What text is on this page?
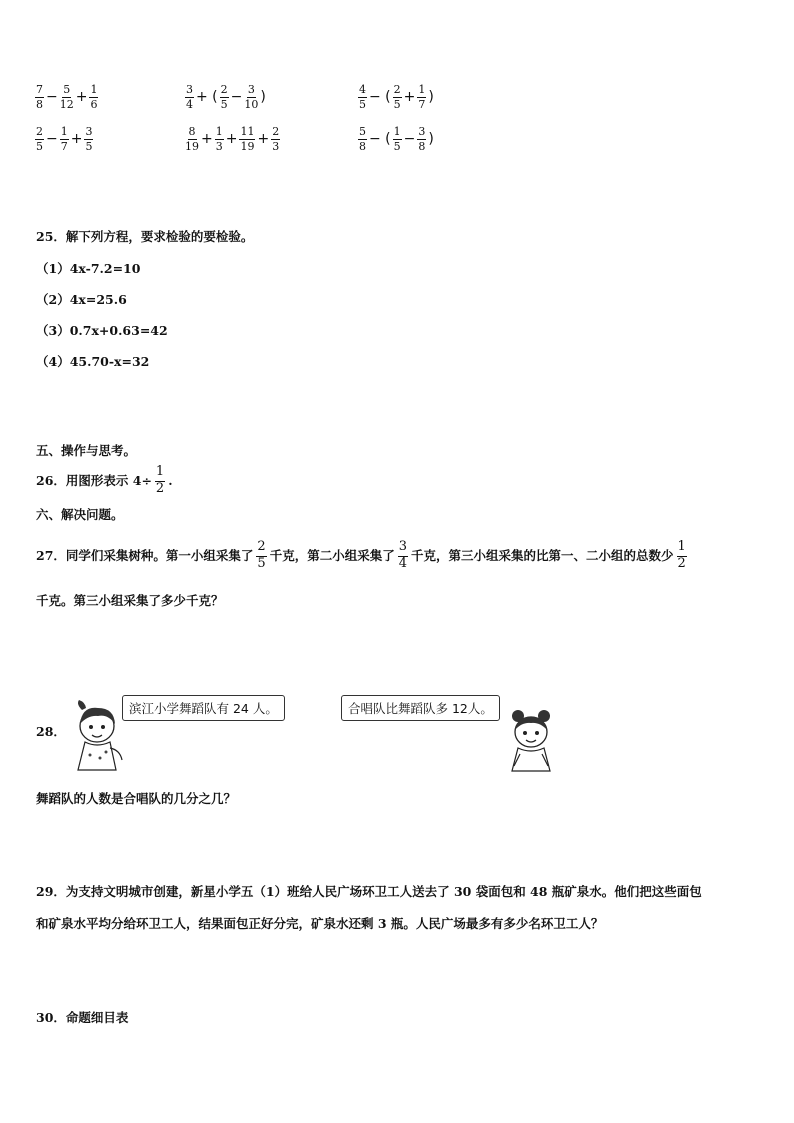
$\frac{7}{8} - \frac{5}{12} + \frac{1}{6}$	$\frac{3}{4}$ + ( $\frac{2}{5} - \frac{3}{10}$ )	$\frac{4}{5}$ − ( $\frac{2}{5} + \frac{1}{7}$ )
$\frac{2}{5} - \frac{1}{7} + \frac{3}{5}$	$\frac{8}{19} + \frac{1}{3} + \frac{11}{19} + \frac{2}{3}$	$\frac{5}{8}$ − ( $\frac{1}{5} - \frac{3}{8}$ )
25．解下列方程，要求检验的要检验。
（1）4x-7.2=10
（2）4x=25.6
（3）0.7x+0.63=42
（4）45.70-x=32
五、操作与思考。
26．用图形表示 $4\div \frac{1}{2}$ .
六、解决问题。
27．同学们采集树种。第一小组采集了 $\frac{2}{5}$ 千克，第二小组采集了 $\frac{3}{4}$ 千克，第三小组采集的比第一、二小组的总数少 $\frac{1}{2}$
千克。第三小组采集了多少千克？
28．
滨江小学舞蹈队有 24 人。	合唱队比舞蹈队多 12人。
舞蹈队的人数是合唱队的几分之几？
29．为支持文明城市创建，新星小学五（1）班给人民广场环卫工人送去了 30 袋面包和 48 瓶矿泉水。他们把这些面包
和矿泉水平均分给环卫工人，结果面包正好分完，矿泉水还剩 3 瓶。人民广场最多有多少名环卫工人？
30．命题细目表
